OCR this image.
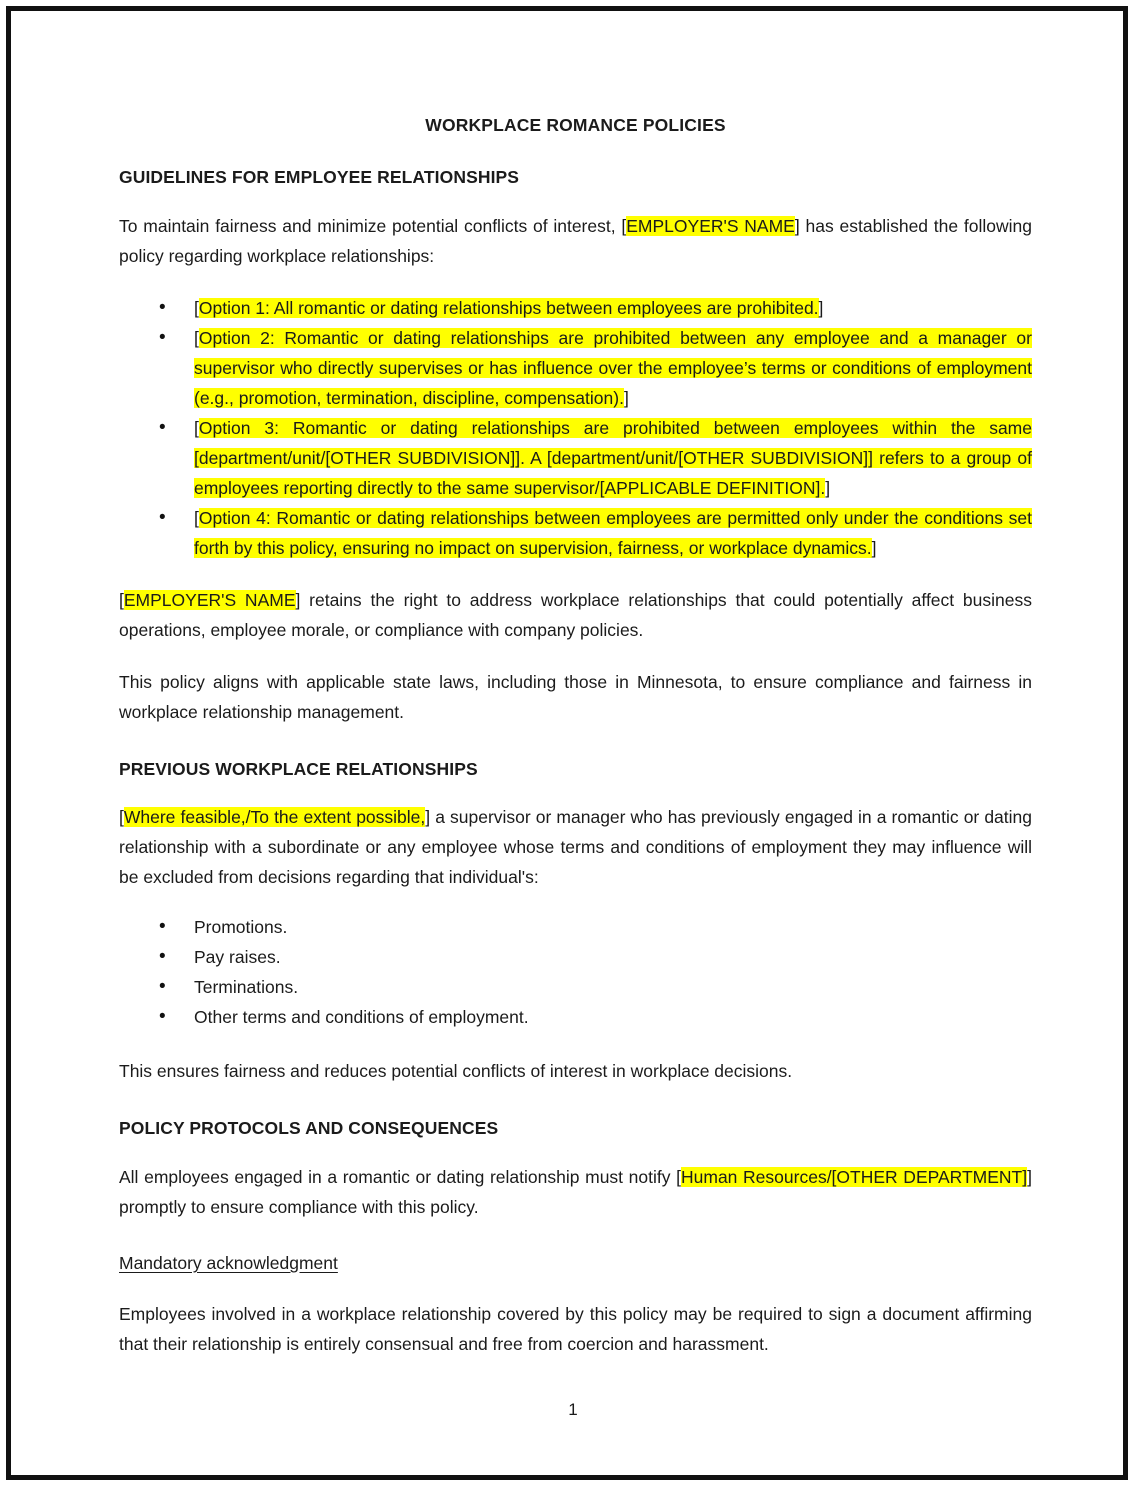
WORKPLACE ROMANCE POLICIES
GUIDELINES FOR EMPLOYEE RELATIONSHIPS

To maintain fairness and minimize potential conflicts of interest, [EMPLOYER'S NAME] has established the following policy regarding workplace relationships:

• [Option 1: All romantic or dating relationships between employees are prohibited.]
• [Option 2: Romantic or dating relationships are prohibited between any employee and a manager or supervisor who directly supervises or has influence over the employee’s terms or conditions of employment (e.g., promotion, termination, discipline, compensation).]
• [Option 3: Romantic or dating relationships are prohibited between employees within the same [department/unit/[OTHER SUBDIVISION]]. A [department/unit/[OTHER SUBDIVISION]] refers to a group of employees reporting directly to the same supervisor/[APPLICABLE DEFINITION].]
• [Option 4: Romantic or dating relationships between employees are permitted only under the conditions set forth by this policy, ensuring no impact on supervision, fairness, or workplace dynamics.]

[EMPLOYER'S NAME] retains the right to address workplace relationships that could potentially affect business operations, employee morale, or compliance with company policies.

This policy aligns with applicable state laws, including those in Minnesota, to ensure compliance and fairness in workplace relationship management.

PREVIOUS WORKPLACE RELATIONSHIPS

[Where feasible,/To the extent possible,] a supervisor or manager who has previously engaged in a romantic or dating relationship with a subordinate or any employee whose terms and conditions of employment they may influence will be excluded from decisions regarding that individual's:

• Promotions.
• Pay raises.
• Terminations.
• Other terms and conditions of employment.

This ensures fairness and reduces potential conflicts of interest in workplace decisions.

POLICY PROTOCOLS AND CONSEQUENCES

All employees engaged in a romantic or dating relationship must notify [Human Resources/[OTHER DEPARTMENT]] promptly to ensure compliance with this policy.

Mandatory acknowledgment

Employees involved in a workplace relationship covered by this policy may be required to sign a document affirming that their relationship is entirely consensual and free from coercion and harassment.

1
